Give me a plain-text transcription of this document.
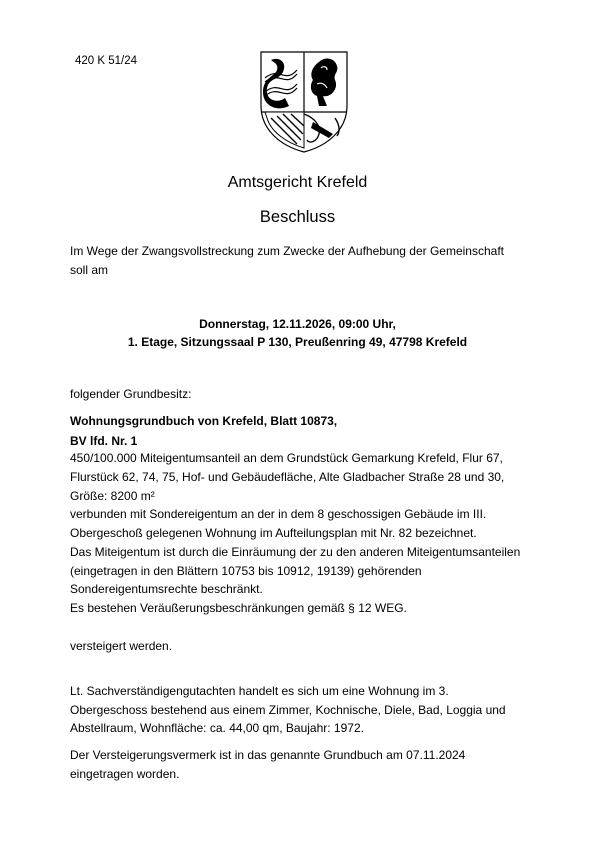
420 K 51/24
Amtsgericht Krefeld
Beschluss
Im Wege der Zwangsvollstreckung zum Zwecke der Aufhebung der Gemeinschaft
soll am
Donnerstag, 12.11.2026, 09:00 Uhr,
1. Etage, Sitzungssaal P 130, Preußenring 49, 47798 Krefeld
folgender Grundbesitz:
Wohnungsgrundbuch von Krefeld, Blatt 10873,
BV lfd. Nr. 1
450/100.000 Miteigentumsanteil an dem Grundstück Gemarkung Krefeld, Flur 67,
Flurstück 62, 74, 75, Hof- und Gebäudefläche, Alte Gladbacher Straße 28 und 30,
Größe: 8200 m²
verbunden mit Sondereigentum an der in dem 8 geschossigen Gebäude im III.
Obergeschoß gelegenen Wohnung im Aufteilungsplan mit Nr. 82 bezeichnet.
Das Miteigentum ist durch die Einräumung der zu den anderen Miteigentumsanteilen
(eingetragen in den Blättern 10753 bis 10912, 19139) gehörenden
Sondereigentumsrechte beschränkt.
Es bestehen Veräußerungsbeschränkungen gemäß § 12 WEG.
versteigert werden.
Lt. Sachverständigengutachten handelt es sich um eine Wohnung im 3.
Obergeschoss bestehend aus einem Zimmer, Kochnische, Diele, Bad, Loggia und
Abstellraum, Wohnfläche: ca. 44,00 qm, Baujahr: 1972.
Der Versteigerungsvermerk ist in das genannte Grundbuch am 07.11.2024
eingetragen worden.
